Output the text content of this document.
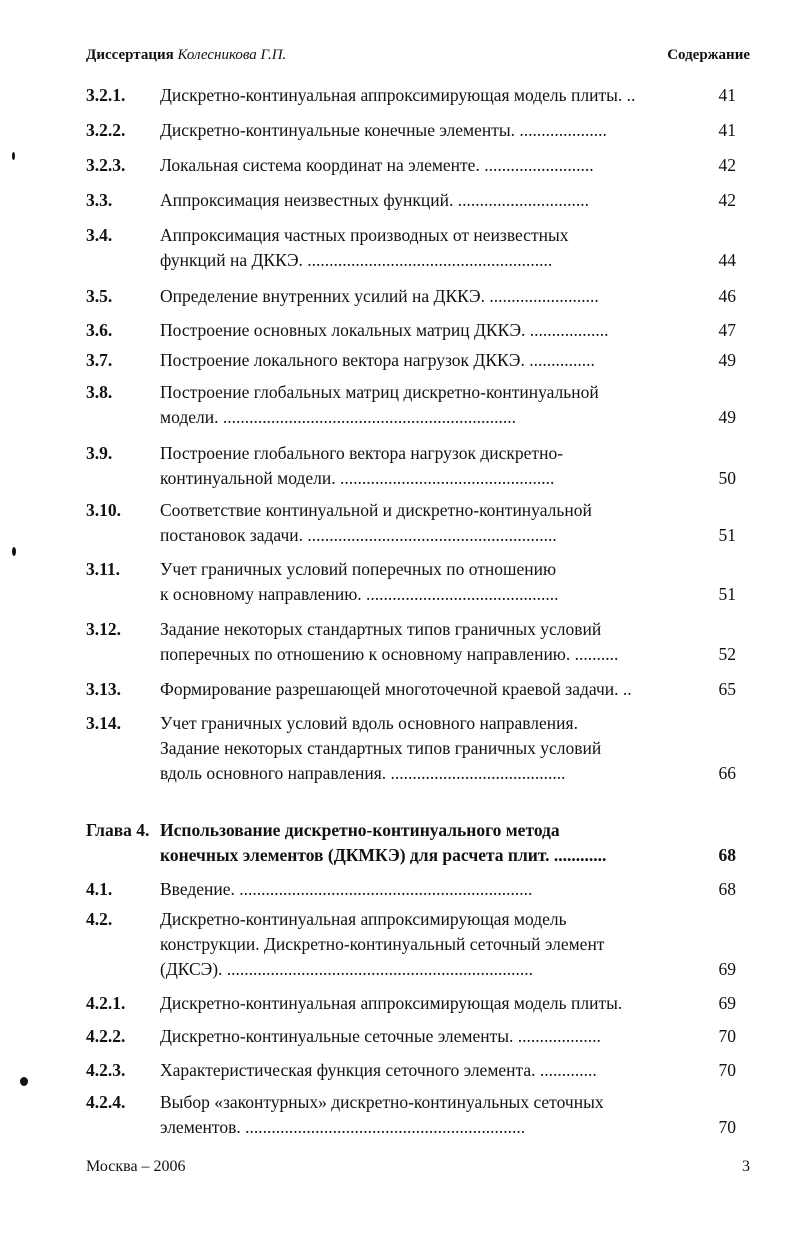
Диссертация Колесникова Г.П.	Содержание
3.2.1. Дискретно-континуальная аппроксимирующая модель плиты. ..	41
3.2.2. Дискретно-континуальные конечные элементы. ....................	41
3.2.3. Локальная система координат на элементе. .........................	42
3.3.	Аппроксимация неизвестных функций. ..............................	42
3.4.	Аппроксимация частных производных от неизвестных
функций на ДККЭ. ........................................................	44
3.5.	Определение внутренних усилий на ДККЭ. .........................	46
3.6.	Построение основных локальных матриц ДККЭ. ..................	47
3.7.	Построение локального вектора нагрузок ДККЭ. ...............	49
3.8.	Построение глобальных матриц дискретно-континуальной
модели. ...................................................................	49
3.9.	Построение глобального вектора нагрузок дискретно-
континуальной модели. .................................................	50
3.10. Соответствие континуальной и дискретно-континуальной
постановок задачи. .........................................................	51
3.11. Учет граничных условий поперечных по отношению
к основному направлению. ............................................	51
3.12. Задание некоторых стандартных типов граничных условий
поперечных по отношению к основному направлению. ..........	52
3.13. Формирование разрешающей многоточечной краевой задачи. ..	65
3.14. Учет граничных условий вдоль основного направления.
Задание некоторых стандартных типов граничных условий
вдоль основного направления. ........................................	66
Глава 4. Использование дискретно-континуального метода
конечных элементов (ДКМКЭ) для расчета плит. ............	68
4.1.	Введение. ...................................................................	68
4.2.	Дискретно-континуальная аппроксимирующая модель
конструкции. Дискретно-континуальный сеточный элемент
(ДКСЭ). ......................................................................	69
4.2.1. Дискретно-континуальная аппроксимирующая модель плиты.	69
4.2.2. Дискретно-континуальные сеточные элементы. ...................	70
4.2.3. Характеристическая функция сеточного элемента. .............	70
4.2.4. Выбор «законтурных» дискретно-континуальных сеточных
элементов. ................................................................	70
Москва – 2006	3
